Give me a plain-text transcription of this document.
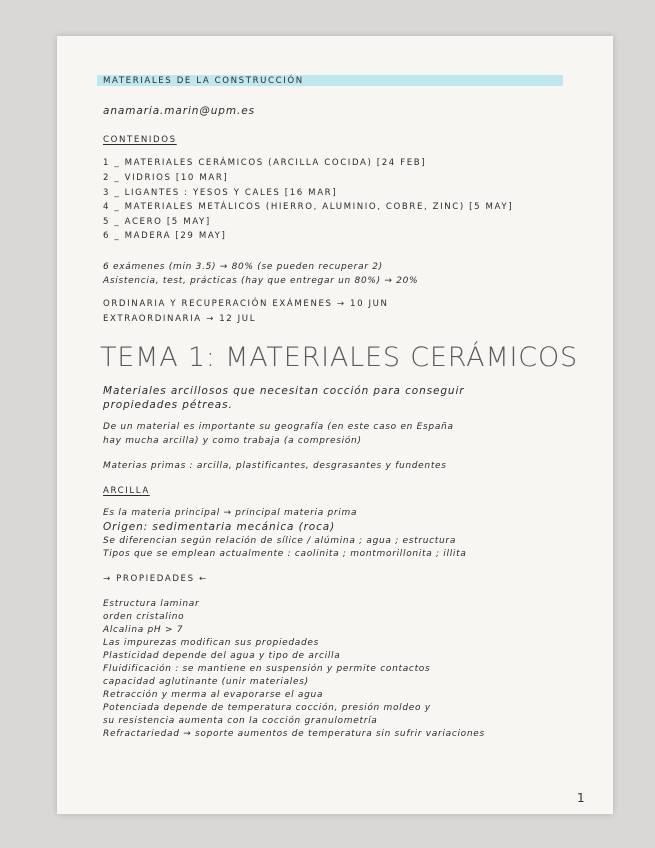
MATERIALES DE LA CONSTRUCCIÓN
anamaria.marin@upm.es
CONTENIDOS
1 _ MATERIALES CERÁMICOS (ARCILLA COCIDA) [24 FEB]
2 _ VIDRIOS [10 MAR]
3 _ LIGANTES : YESOS Y CALES [16 MAR]
4 _ MATERIALES METÁLICOS (HIERRO, ALUMINIO, COBRE, ZINC) [5 MAY]
5 _ ACERO [5 MAY]
6 _ MADERA [29 MAY]
6 exámenes (min 3.5) → 80% (se pueden recuperar 2)
Asistencia, test, prácticas (hay que entregar un 80%) → 20%
ORDINARIA Y RECUPERACIÓN EXÁMENES → 10 JUN
EXTRAORDINARIA → 12 JUL
TEMA 1: MATERIALES CERÁMICOS
Materiales arcillosos que necesitan cocción para conseguir
propiedades pétreas.
De un material es importante su geografía (en este caso en España
hay mucha arcilla) y como trabaja (a compresión)
Materias primas : arcilla, plastificantes, desgrasantes y fundentes
ARCILLA
Es la materia principal → principal materia prima
Origen: sedimentaria mecánica (roca)
Se diferencian según relación de sílice / alúmina ; agua ; estructura
Tipos que se emplean actualmente : caolinita ; montmorillonita ; illita
→ PROPIEDADES ←
Estructura laminar
orden cristalino
Alcalina pH > 7
Las impurezas modifican sus propiedades
Plasticidad depende del agua y tipo de arcilla
Fluidificación : se mantiene en suspensión y permite contactos
capacidad aglutinante (unir materiales)
Retracción y merma al evaporarse el agua
Potenciada depende de temperatura cocción, presión moldeo y
su resistencia aumenta con la cocción granulometría
Refractariedad → soporte aumentos de temperatura sin sufrir variaciones
1
